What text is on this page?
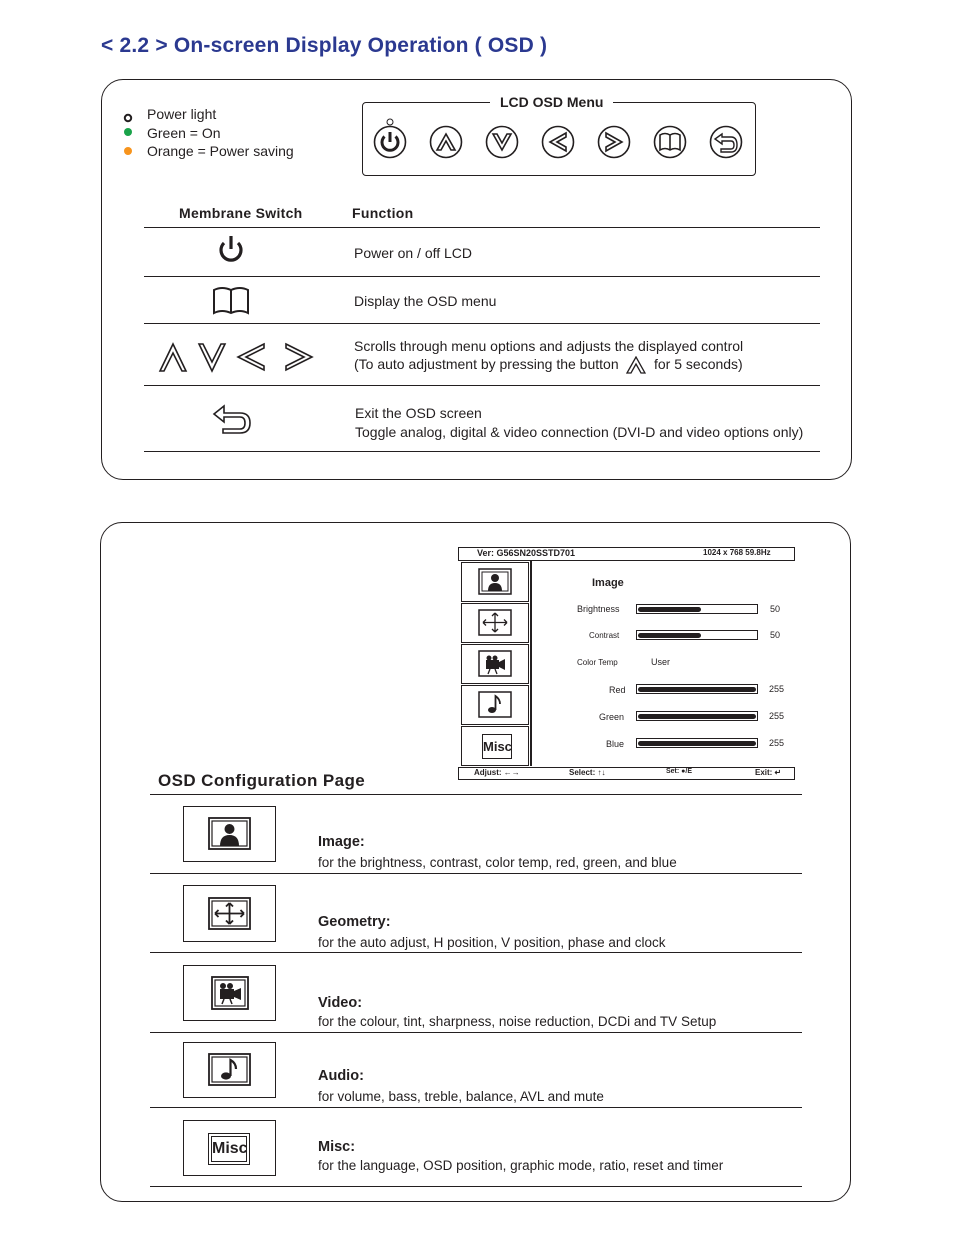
< 2.2 > On-screen Display Operation ( OSD )
Power light
Green = On
Orange = Power saving
LCD OSD Menu
Membrane Switch	Function
Power on / off LCD
Display the OSD menu
Scrolls through menu options and adjusts the displayed control
(To auto adjustment by pressing the button	for 5 seconds)
Exit the OSD screen
Toggle analog, digital & video connection (DVI-D and video options only)
Ver: G56SN20SSTD701	1024 x 768 59.8Hz
Misc
Image
Brightness	50
Contrast	50
Color Temp	User
Red	255
Green	255
Blue	255
Adjust: ←→	Select: ↑↓	Set: ●/E	Exit: ↵
OSD Configuration Page
Image:
for the brightness, contrast, color temp, red, green, and blue
Geometry:
for the auto adjust, H position, V position, phase and clock
Video:
for the colour, tint, sharpness, noise reduction, DCDi and TV Setup
Audio:
for volume, bass, treble, balance, AVL and mute
Misc	Misc:
for the language, OSD position, graphic mode, ratio, reset and timer
